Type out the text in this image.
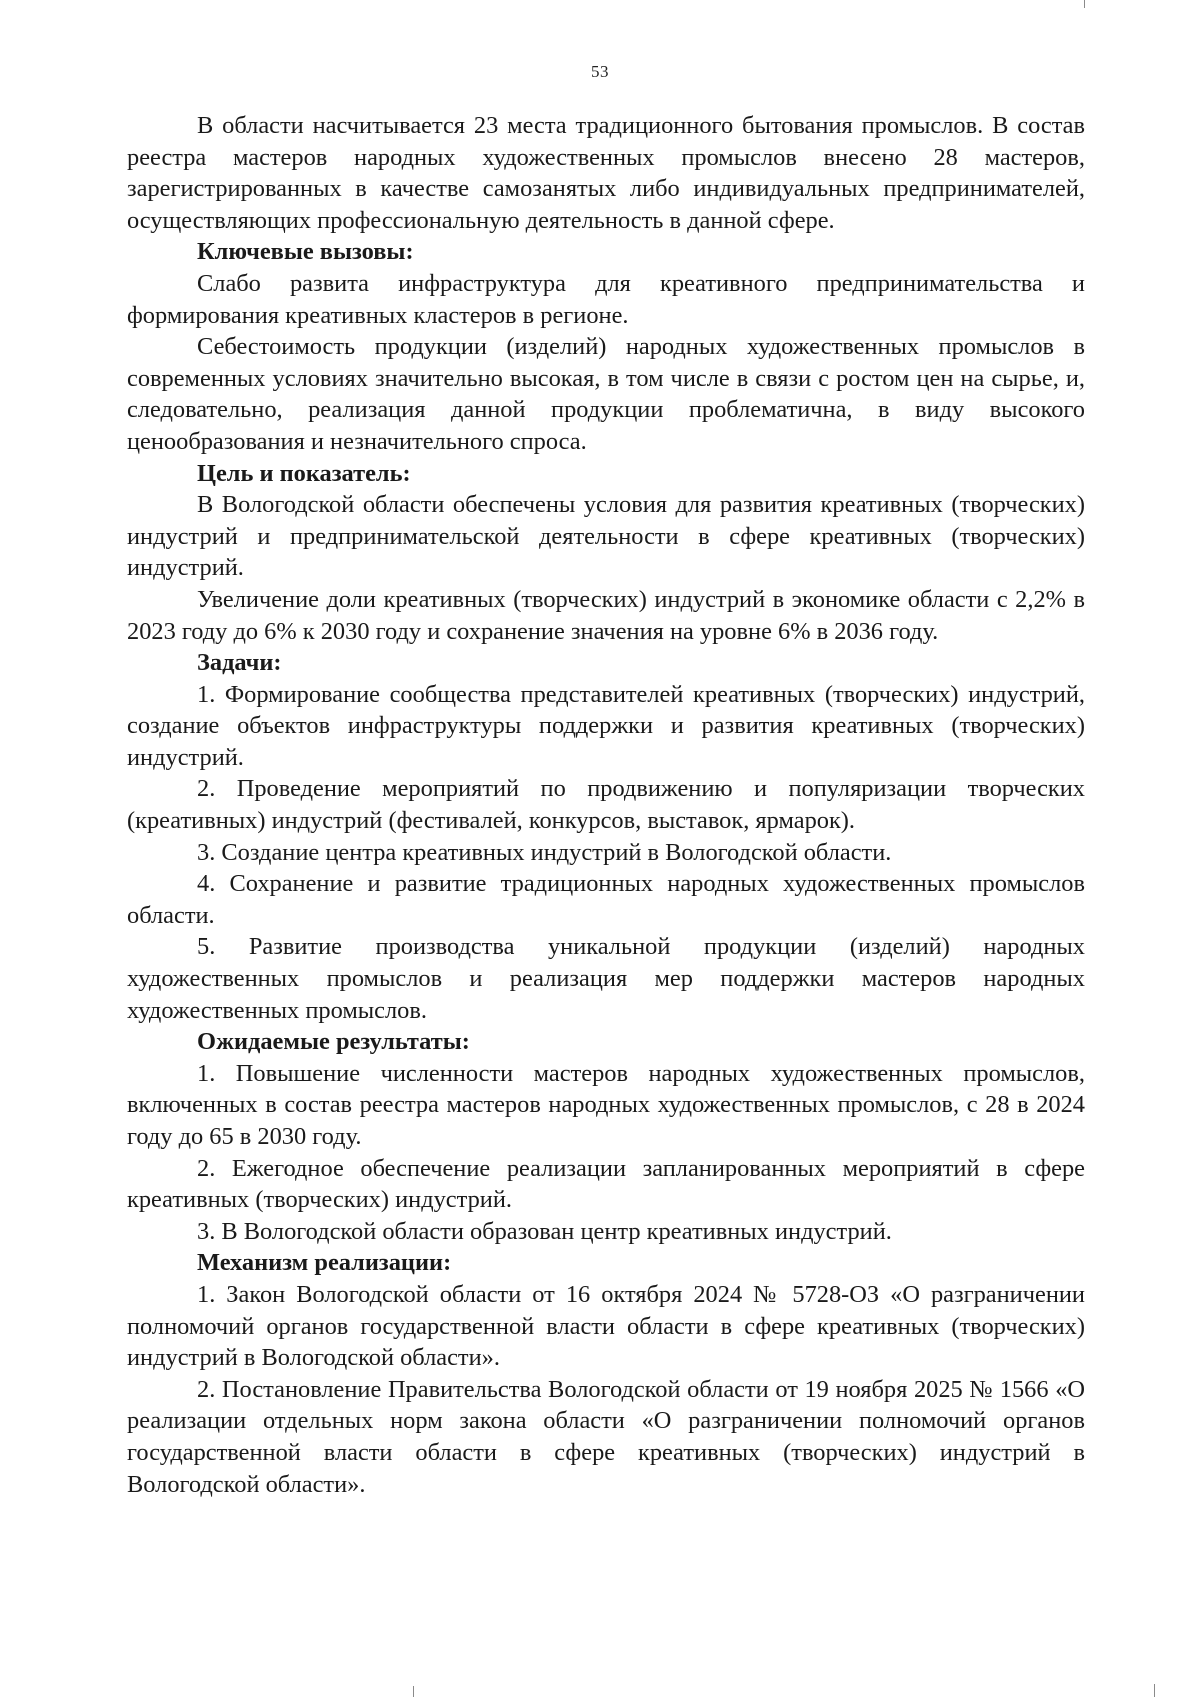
53

В области насчитывается 23 места традиционного бытования промыслов. В состав реестра мастеров народных художественных промыслов внесено 28 мастеров, зарегистрированных в качестве самозанятых либо индивидуальных предпринимателей, осуществляющих профессиональную деятельность в данной сфере.

Ключевые вызовы:

Слабо развита инфраструктура для креативного предпринимательства и формирования креативных кластеров в регионе.

Себестоимость продукции (изделий) народных художественных промыслов в современных условиях значительно высокая, в том числе в связи с ростом цен на сырье, и, следовательно, реализация данной продукции проблематична, в виду высокого ценообразования и незначительного спроса.

Цель и показатель:

В Вологодской области обеспечены условия для развития креативных (творческих) индустрий и предпринимательской деятельности в сфере креативных (творческих) индустрий.

Увеличение доли креативных (творческих) индустрий в экономике области с 2,2% в 2023 году до 6% к 2030 году и сохранение значения на уровне 6% в 2036 году.

Задачи:

1. Формирование сообщества представителей креативных (творческих) индустрий, создание объектов инфраструктуры поддержки и развития креативных (творческих) индустрий.

2. Проведение мероприятий по продвижению и популяризации творческих (креативных) индустрий (фестивалей, конкурсов, выставок, ярмарок).

3. Создание центра креативных индустрий в Вологодской области.

4. Сохранение и развитие традиционных народных художественных промыслов области.

5. Развитие производства уникальной продукции (изделий) народных художественных промыслов и реализация мер поддержки мастеров народных художественных промыслов.

Ожидаемые результаты:

1. Повышение численности мастеров народных художественных промыслов, включенных в состав реестра мастеров народных художественных промыслов, с 28 в 2024 году до 65 в 2030 году.

2. Ежегодное обеспечение реализации запланированных мероприятий в сфере креативных (творческих) индустрий.

3. В Вологодской области образован центр креативных индустрий.

Механизм реализации:

1. Закон Вологодской области от 16 октября 2024 № 5728-ОЗ «О разграничении полномочий органов государственной власти области в сфере креативных (творческих) индустрий в Вологодской области».

2. Постановление Правительства Вологодской области от 19 ноября 2025 № 1566 «О реализации отдельных норм закона области «О разграничении полномочий органов государственной власти области в сфере креативных (творческих) индустрий в Вологодской области».
